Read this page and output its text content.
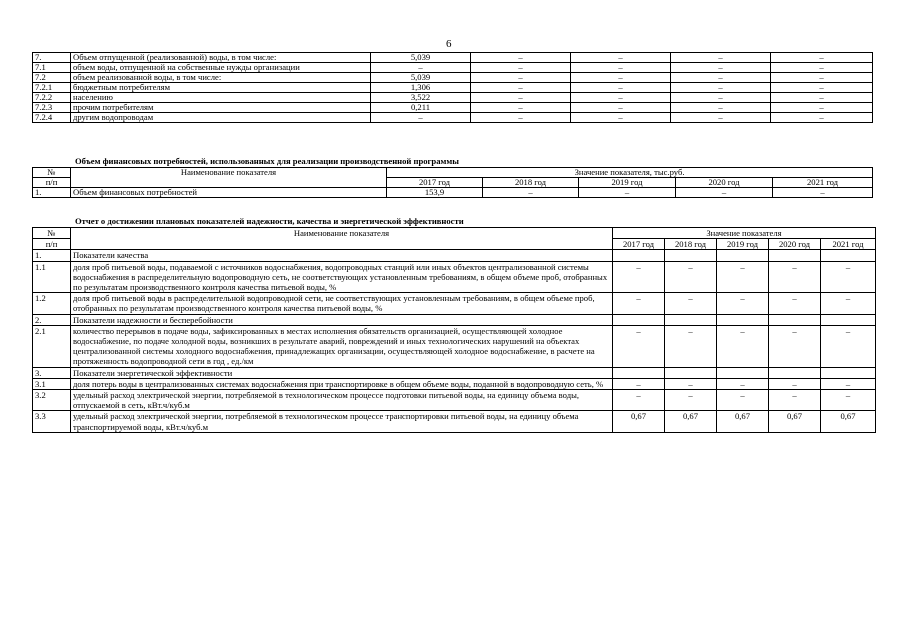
6
7.	Объем отпущенной (реализованной) воды, в том числе:	5,039	–	–	–	–
7.1	объем воды, отпущенной на собственные нужды организации	–	–	–	–	–
7.2	объем реализованной воды, в том числе:	5,039	–	–	–	–
7.2.1	бюджетным потребителям	1,306	–	–	–	–
7.2.2	населению	3,522	–	–	–	–
7.2.3	прочим потребителям	0,211	–	–	–	–
7.2.4	другим водопроводам	–	–	–	–	–
Объем финансовых потребностей, использованных для реализации производственной программы
№	Наименование показателя	Значение показателя, тыс.руб.				
п/п		2017 год	2018 год	2019 год	2020 год	2021 год
1.	Объем финансовых потребностей	153,9	–	–	–	–
Отчет о достижении плановых показателей надежности, качества и энергетической эффективности
№	Наименование показателя	Значение показателя				
п/п		2017 год	2018 год	2019 год	2020 год	2021 год
1.	Показатели качества					
1.1	доля проб питьевой воды, подаваемой с источников водоснабжения, водопроводных станций или иных объектов централизованной системы водоснабжения в распределительную водопроводную сеть, не соответствующих установленным требованиям, в общем объеме проб, отобранных по результатам производственного контроля качества питьевой воды, %	–	–	–	–	–
1.2	доля проб питьевой воды в распределительной водопроводной сети, не соответствующих установленным требованиям, в общем объеме проб, отобранных по результатам производственного контроля качества питьевой воды, %	–	–	–	–	–
2.	Показатели надежности и бесперебойности					
2.1	количество перерывов в подаче воды, зафиксированных в местах исполнения обязательств организацией, осуществляющей холодное водоснабжение, по подаче холодной воды, возникших в результате аварий, повреждений и иных технологических нарушений на объектах централизованной системы холодного водоснабжения, принадлежащих организации, осуществляющей холодное водоснабжение, в расчете на протяженность водопроводной сети в год , ед./км	–	–	–	–	–
3.	Показатели энергетической эффективности					
3.1	доля потерь воды в централизованных системах водоснабжения при транспортировке в общем объеме воды, поданной в водопроводную сеть, %	–	–	–	–	–
3.2	удельный расход электрической энергии, потребляемой в технологическом процессе подготовки питьевой воды, на единицу объема воды, отпускаемой в сеть, кВт.ч/куб.м	–	–	–	–	–
3.3	удельный расход электрической энергии, потребляемой в технологическом процессе транспортировки питьевой воды, на единицу объема транспортируемой воды, кВт.ч/куб.м	0,67	0,67	0,67	0,67	0,67
